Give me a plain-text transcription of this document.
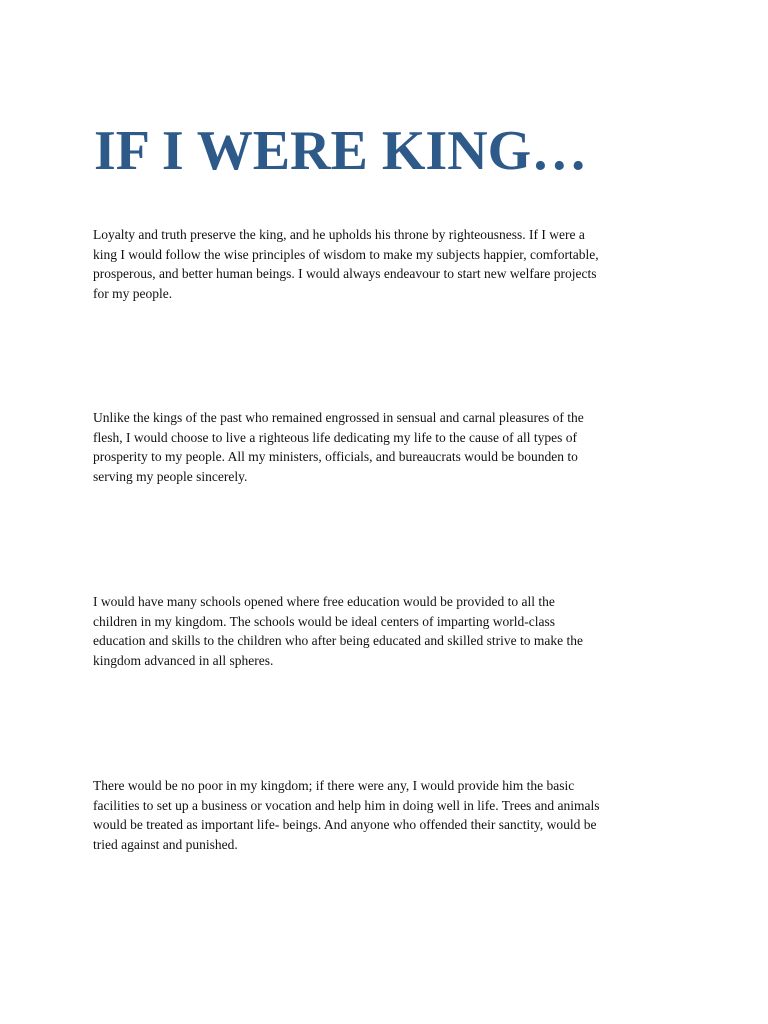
IF I WERE KING…

Loyalty and truth preserve the king, and he upholds his throne by righteousness. If I were a
king I would follow the wise principles of wisdom to make my subjects happier, comfortable,
prosperous, and better human beings. I would always endeavour to start new welfare projects
for my people.

Unlike the kings of the past who remained engrossed in sensual and carnal pleasures of the
flesh, I would choose to live a righteous life dedicating my life to the cause of all types of
prosperity to my people. All my ministers, officials, and bureaucrats would be bounden to
serving my people sincerely.

I would have many schools opened where free education would be provided to all the
children in my kingdom. The schools would be ideal centers of imparting world-class
education and skills to the children who after being educated and skilled strive to make the
kingdom advanced in all spheres.

There would be no poor in my kingdom; if there were any, I would provide him the basic
facilities to set up a business or vocation and help him in doing well in life. Trees and animals
would be treated as important life- beings. And anyone who offended their sanctity, would be
tried against and punished.
